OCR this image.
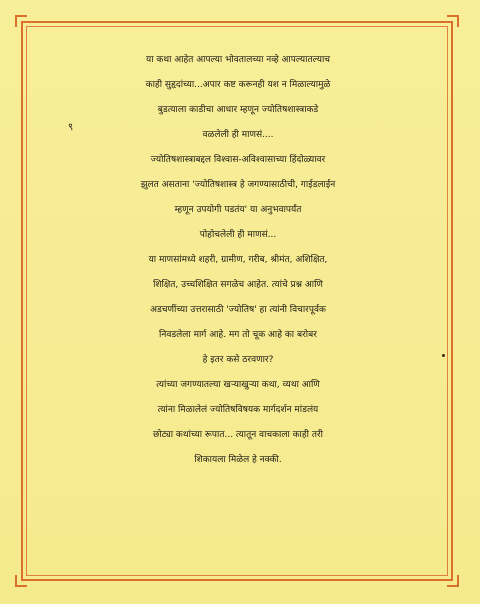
९
या कथा आहेत आपल्या भोवतालच्या नव्हे आपल्यातल्याच
काही सुहृदांच्या...अपार कष्ट करूनही यश न मिळाल्यामुळे
बुडत्याला काडीचा आधार म्हणून ज्योतिषशास्त्राकडे
वळलेली ही माणसं....
ज्योतिषशास्त्राबद्दल विश्वास-अविश्वासाच्या हिंदोळ्यावर
झुलत असताना 'ज्योतिषशास्त्र हे जगण्यासाठीची, गाईडलाईन
म्हणून उपयोगी पडतंय' या अनुभवापर्यंत
पोहोचलेली ही माणसं...
या माणसांमध्ये शहरी, ग्रामीण, गरीब, श्रीमंत, अशिक्षित,
शिक्षित, उच्चशिक्षित सगळेच आहेत. त्यांचे प्रश्न आणि
अडचणींच्या उत्तरासाठी 'ज्योतिष' हा त्यांनी विचारपूर्वक
निवडलेला मार्ग आहे. मग तो चूक आहे का बरोबर
हे इतर कसे ठरवणार?
त्यांच्या जगण्यातल्या खऱ्याखुऱ्या कथा, व्यथा आणि
त्यांना मिळालेलं ज्योतिषविषयक मार्गदर्शन मांडलंय
छोट्या कथांच्या रूपात... त्यातून वाचकाला काही तरी
शिकायला मिळेल हे नक्की.
